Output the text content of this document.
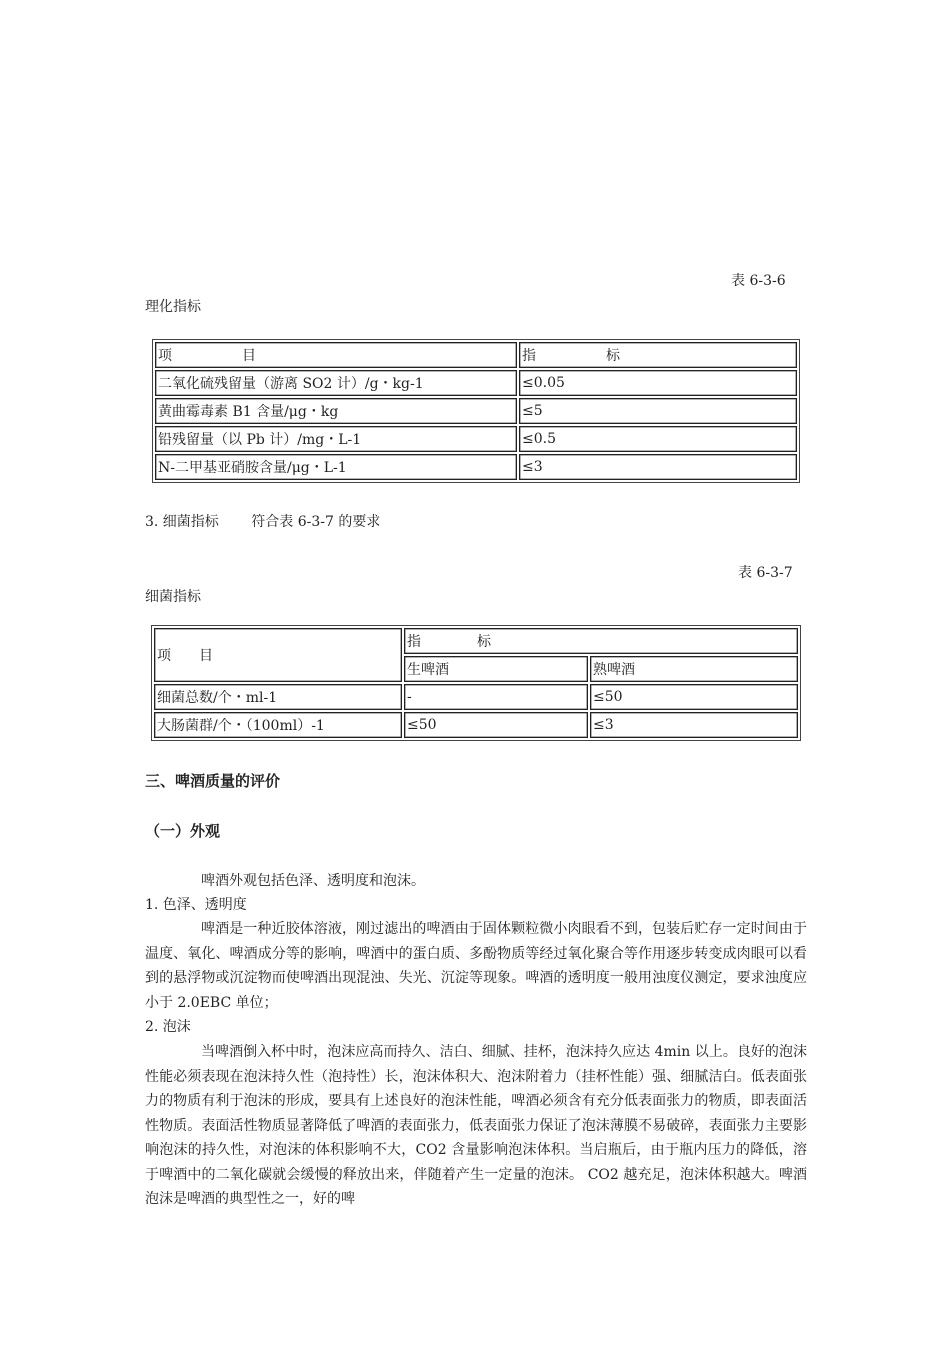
表 6-3-6
理化指标
项　　　　　目	指　　　　　标
二氧化硫残留量（游离 SO2 计）/g・kg-1	≤0.05
黄曲霉毒素 B1 含量/μg・kg	≤5
铅残留量（以 Pb 计）/mg・L-1	≤0.5
N-二甲基亚硝胺含量/μg・L-1	≤3
3. 细菌指标　　 符合表 6-3-7 的要求
表 6-3-7
细菌指标
项　　目	指　　　　标	
	生啤酒	熟啤酒
细菌总数/个・ml-1	-	≤50
大肠菌群/个・（100ml）-1	≤50	≤3
三、啤酒质量的评价
（一）外观
啤酒外观包括色泽、透明度和泡沫。
1. 色泽、透明度
啤酒是一种近胶体溶液，刚过滤出的啤酒由于固体颗粒微小肉眼看不到，包装后贮存一定时间由于温度、氧化、啤酒成分等的影响，啤酒中的蛋白质、多酚物质等经过氧化聚合等作用逐步转变成肉眼可以看到的悬浮物或沉淀物而使啤酒出现混浊、失光、沉淀等现象。啤酒的透明度一般用浊度仪测定，要求浊度应小于 2.0EBC 单位；
2. 泡沫
当啤酒倒入杯中时，泡沫应高而持久、洁白、细腻、挂杯，泡沫持久应达 4min 以上。良好的泡沫性能必须表现在泡沫持久性（泡持性）长，泡沫体积大、泡沫附着力（挂杯性能）强、细腻洁白。低表面张力的物质有利于泡沫的形成，要具有上述良好的泡沫性能，啤酒必须含有充分低表面张力的物质，即表面活性物质。表面活性物质显著降低了啤酒的表面张力，低表面张力保证了泡沫薄膜不易破碎，表面张力主要影响泡沫的持久性，对泡沫的体积影响不大，CO2 含量影响泡沫体积。当启瓶后，由于瓶内压力的降低，溶于啤酒中的二氧化碳就会缓慢的释放出来，伴随着产生一定量的泡沫。 CO2 越充足，泡沫体积越大。啤酒泡沫是啤酒的典型性之一，好的啤
